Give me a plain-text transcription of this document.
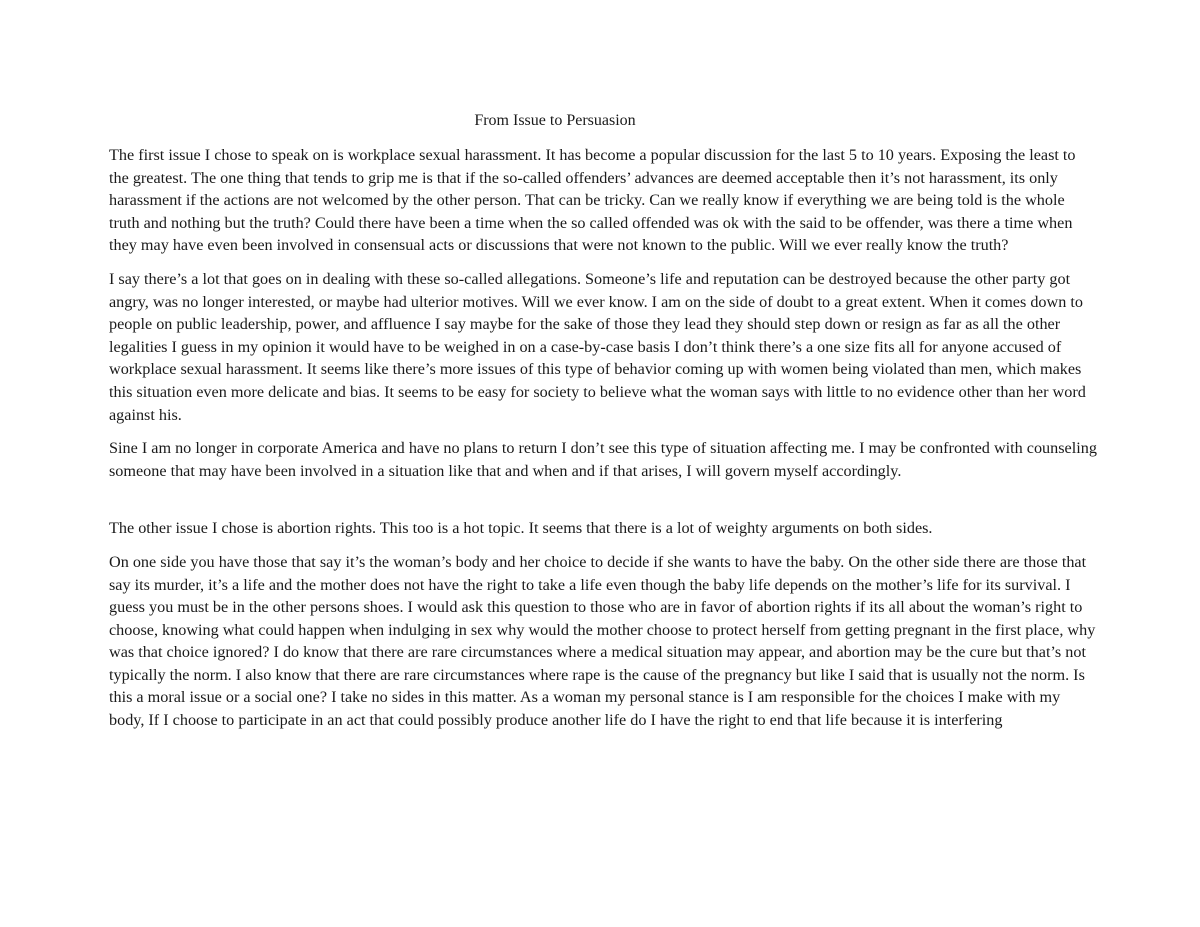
From Issue to Persuasion

The first issue I chose to speak on is workplace sexual harassment. It has become a popular discussion for the last 5 to 10 years. Exposing the least to the greatest. The one thing that tends to grip me is that if the so-called offenders’ advances are deemed acceptable then it’s not harassment, its only harassment if the actions are not welcomed by the other person. That can be tricky. Can we really know if everything we are being told is the whole truth and nothing but the truth? Could there have been a time when the so called offended was ok with the said to be offender, was there a time when they may have even been involved in consensual acts or discussions that were not known to the public. Will we ever really know the truth?

I say there’s a lot that goes on in dealing with these so-called allegations. Someone’s life and reputation can be destroyed because the other party got angry, was no longer interested, or maybe had ulterior motives. Will we ever know. I am on the side of doubt to a great extent. When it comes down to people on public leadership, power, and affluence I say maybe for the sake of those they lead they should step down or resign as far as all the other legalities I guess in my opinion it would have to be weighed in on a case-by-case basis I don’t think there’s a one size fits all for anyone accused of workplace sexual harassment. It seems like there’s more issues of this type of behavior coming up with women being violated than men, which makes this situation even more delicate and bias. It seems to be easy for society to believe what the woman says with little to no evidence other than her word against his.

Sine I am no longer in corporate America and have no plans to return I don’t see this type of situation affecting me. I may be confronted with counseling someone that may have been involved in a situation like that and when and if that arises, I will govern myself accordingly.

The other issue I chose is abortion rights. This too is a hot topic. It seems that there is a lot of weighty arguments on both sides.

On one side you have those that say it’s the woman’s body and her choice to decide if she wants to have the baby. On the other side there are those that say its murder, it’s a life and the mother does not have the right to take a life even though the baby life depends on the mother’s life for its survival. I guess you must be in the other persons shoes. I would ask this question to those who are in favor of abortion rights if its all about the woman’s right to choose, knowing what could happen when indulging in sex why would the mother choose to protect herself from getting pregnant in the first place, why was that choice ignored? I do know that there are rare circumstances where a medical situation may appear, and abortion may be the cure but that’s not typically the norm. I also know that there are rare circumstances where rape is the cause of the pregnancy but like I said that is usually not the norm. Is this a moral issue or a social one? I take no sides in this matter. As a woman my personal stance is I am responsible for the choices I make with my body, If I choose to participate in an act that could possibly produce another life do I have the right to end that life because it is interfering
